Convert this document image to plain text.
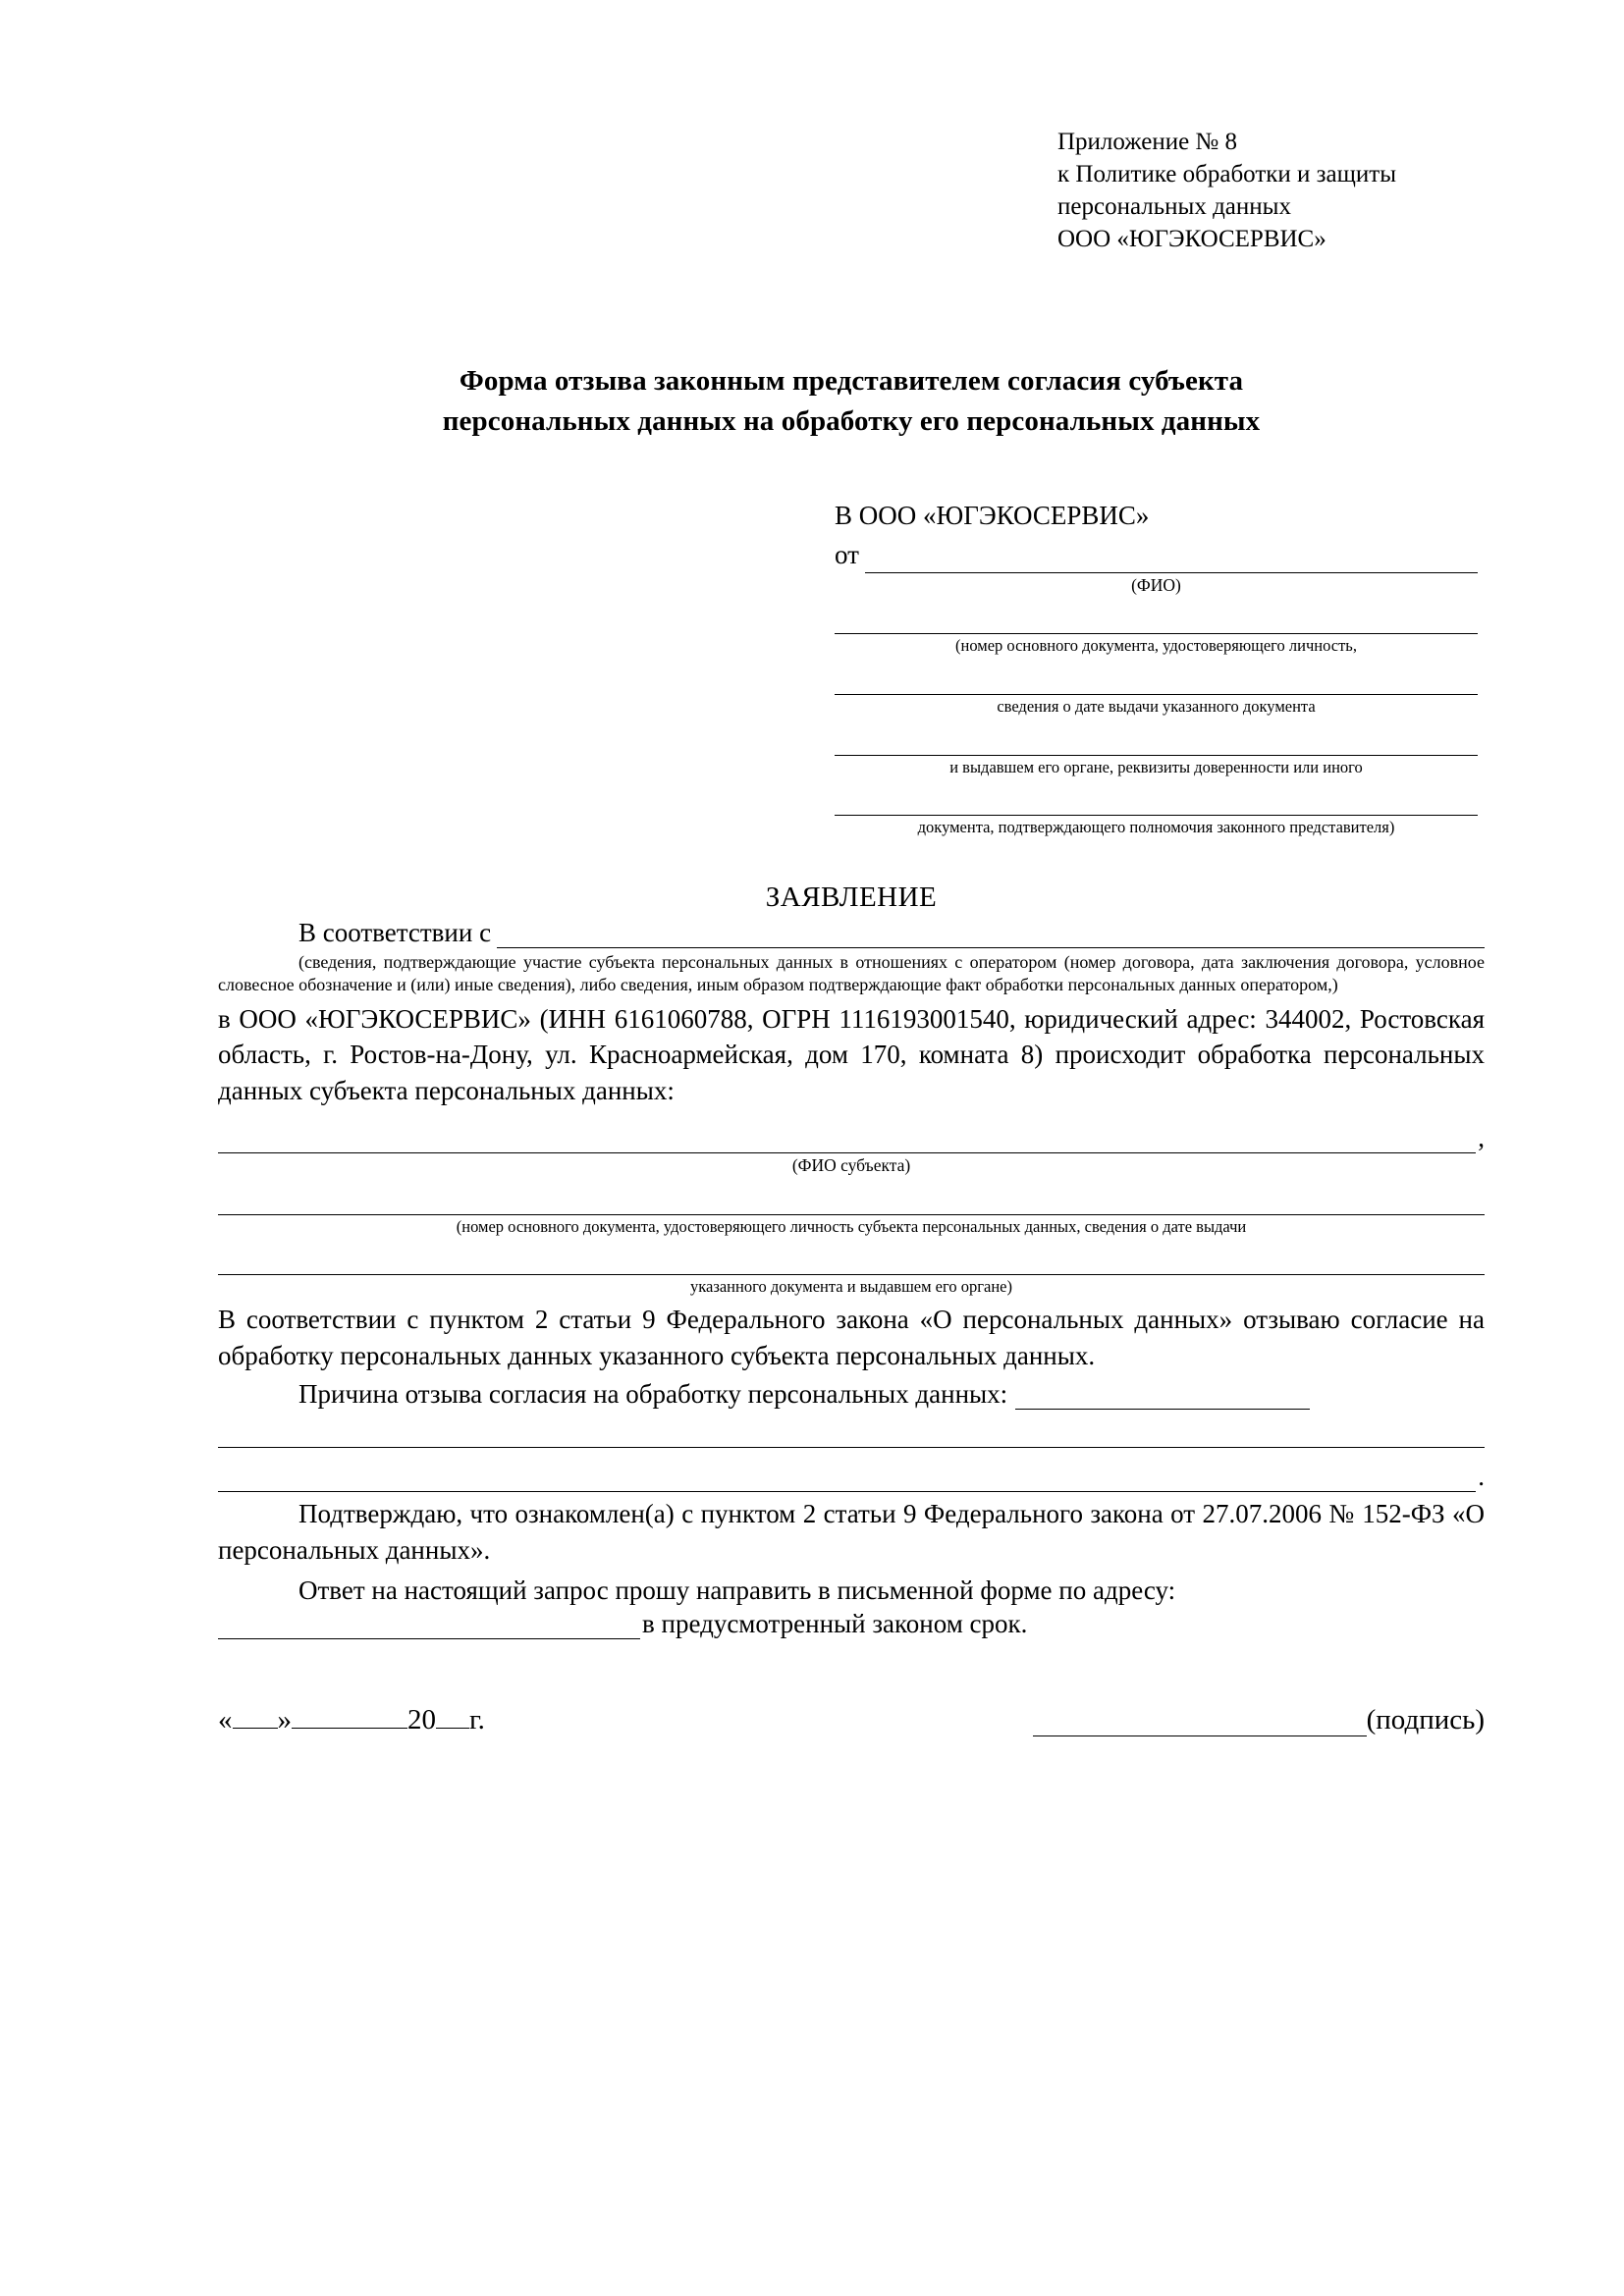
Приложение № 8
к Политике обработки и защиты
персональных данных
ООО «ЮГЭКОСЕРВИС»
Форма отзыва законным представителем согласия субъекта
персональных данных на обработку его персональных данных
В ООО «ЮГЭКОСЕРВИС»
от
(ФИО)
(номер основного документа, удостоверяющего личность,
сведения о дате выдачи указанного документа
и выдавшем его органе, реквизиты доверенности или иного
документа, подтверждающего полномочия законного представителя)
ЗАЯВЛЕНИЕ
В соответствии с
(сведения, подтверждающие участие субъекта персональных данных в отношениях с оператором (номер договора, дата заключения договора, условное словесное обозначение и (или) иные сведения), либо сведения, иным образом подтверждающие факт обработки персональных данных оператором,)
в ООО «ЮГЭКОСЕРВИС» (ИНН 6161060788, ОГРН 1116193001540, юридический адрес: 344002, Ростовская область, г. Ростов-на-Дону, ул. Красноармейская, дом 170, комната 8) происходит обработка персональных данных субъекта персональных данных:
,
(ФИО субъекта)
(номер основного документа, удостоверяющего личность субъекта персональных данных, сведения о дате выдачи
указанного документа и выдавшем его органе)
В соответствии с пунктом 2 статьи 9 Федерального закона «О персональных данных» отзываю согласие на обработку персональных данных указанного субъекта персональных данных.
Причина отзыва согласия на обработку персональных данных:
.
Подтверждаю, что ознакомлен(а) с пунктом 2 статьи 9 Федерального закона от 27.07.2006 № 152-ФЗ «О персональных данных».
Ответ на настоящий запрос прошу направить в письменной форме по адресу:
в предусмотренный законом срок.
« »	20 г.	(подпись)
